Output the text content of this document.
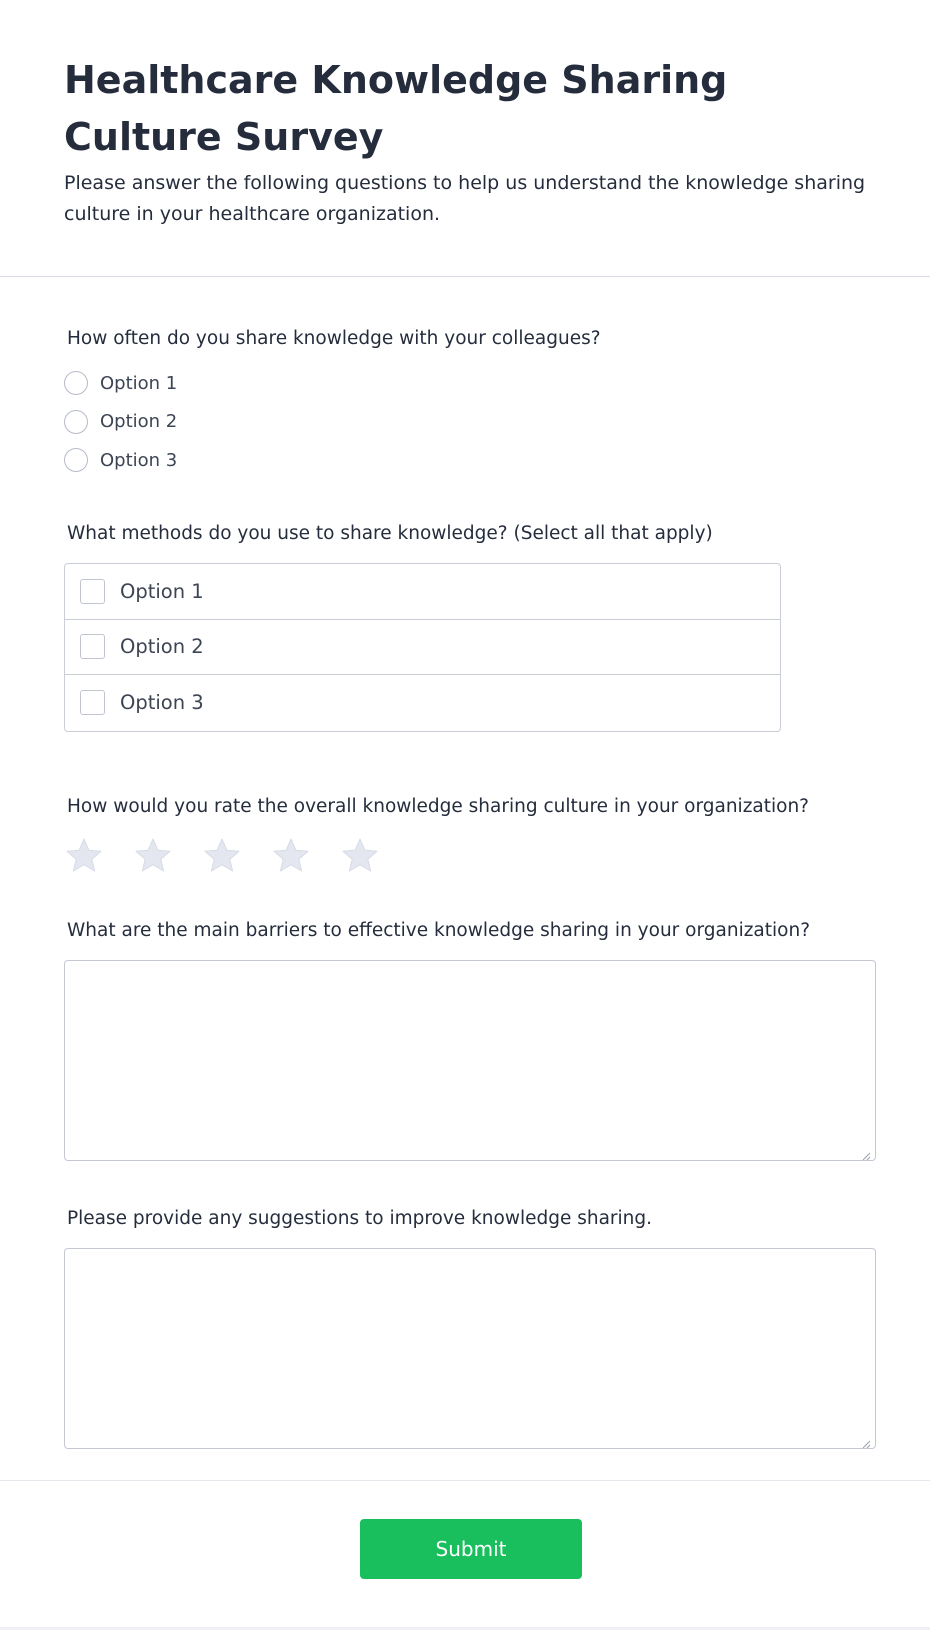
Healthcare Knowledge Sharing Culture Survey

Please answer the following questions to help us understand the knowledge sharing culture in your healthcare organization.

How often do you share knowledge with your colleagues?
Option 1
Option 2
Option 3
What methods do you use to share knowledge? (Select all that apply)
Option 1
Option 2
Option 3
How would you rate the overall knowledge sharing culture in your organization?
What are the main barriers to effective knowledge sharing in your organization?
Please provide any suggestions to improve knowledge sharing.
Submit
